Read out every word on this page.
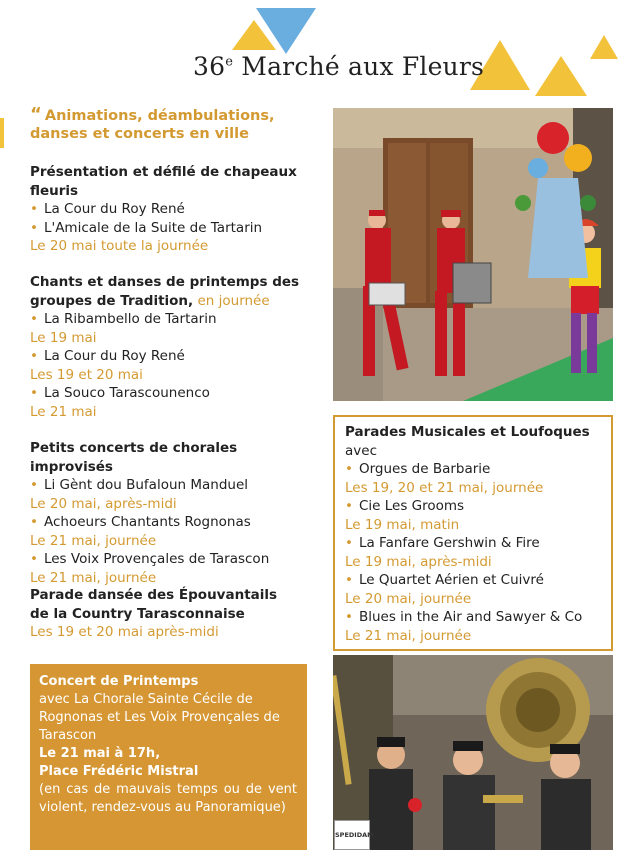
36e Marché aux Fleurs
“ Animations, déambulations, danses et concerts en ville
Présentation et défilé de chapeaux fleuris
• La Cour du Roy René
• L'Amicale de la Suite de Tartarin
Le 20 mai toute la journée
Chants et danses de printemps des groupes de Tradition, en journée
• La Ribambello de Tartarin
Le 19 mai
• La Cour du Roy René
Les 19 et 20 mai
• La Souco Tarascounenco
Le 21 mai
Petits concerts de chorales improvisés
• Li Gènt dou Bufaloun Manduel
Le 20 mai, après-midi
• Achoeurs Chantants Rognonas
Le 21 mai, journée
• Les Voix Provençales de Tarascon
Le 21 mai, journée
Parade dansée des Épouvantails
de la Country Tarasconnaise
Les 19 et 20 mai après-midi
Concert de Printemps
avec La Chorale Sainte Cécile de Rognonas et Les Voix Provençales de Tarascon
Le 21 mai à 17h,
Place Frédéric Mistral
(en cas de mauvais temps ou de vent violent, rendez-vous au Panoramique)
Parades Musicales et Loufoques
avec
• Orgues de Barbarie
Les 19, 20 et 21 mai, journée
• Cie Les Grooms
Le 19 mai, matin
• La Fanfare Gershwin & Fire
Le 19 mai, après-midi
• Le Quartet Aérien et Cuivré
Le 20 mai, journée
• Blues in the Air and Sawyer & Co
Le 21 mai, journée
SPEDIDAM
